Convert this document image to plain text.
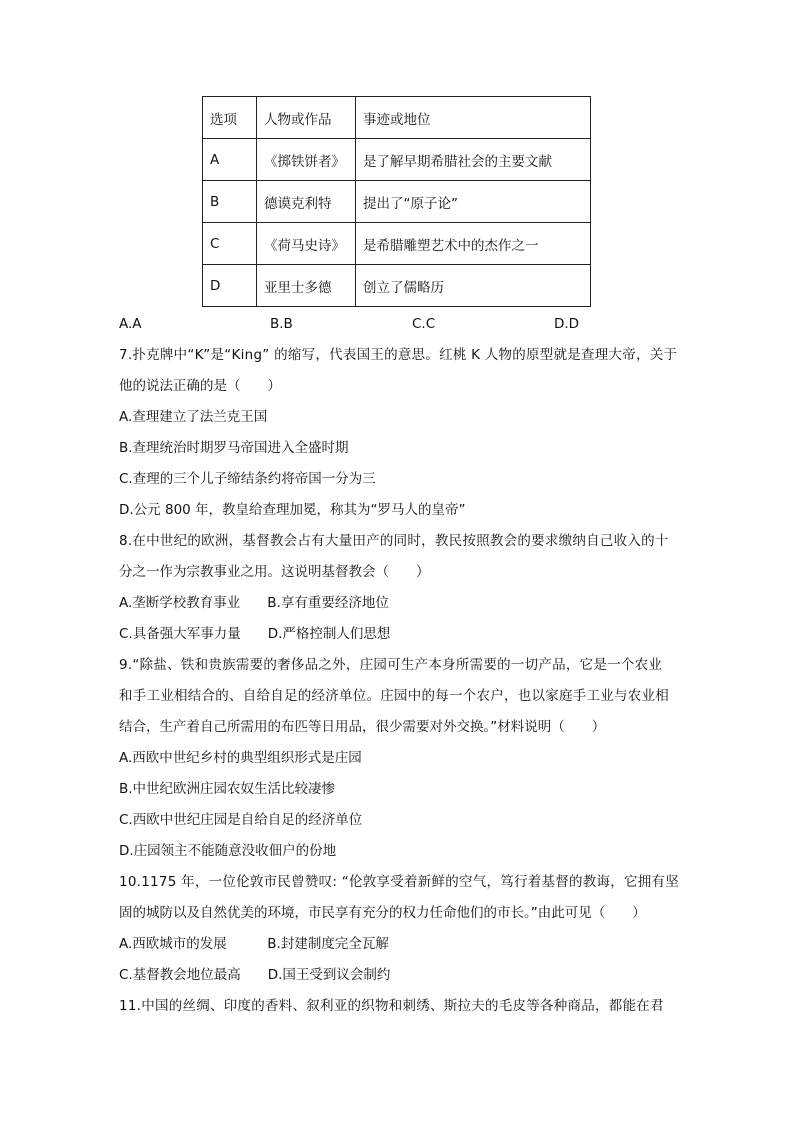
选项	人物或作品	事迹或地位
A	《掷铁饼者》	是了解早期希腊社会的主要文献
B	德谟克利特	提出了“原子论”
C	《荷马史诗》	是希腊雕塑艺术中的杰作之一
D	亚里士多德	创立了儒略历
A.A	B.B	C.C	D.D
7.扑克牌中“K”是“King” 的缩写，代表国王的意思。红桃 K 人物的原型就是查理大帝，关于
他的说法正确的是（　　）
A.查理建立了法兰克王国
B.查理统治时期罗马帝国进入全盛时期
C.查理的三个儿子缔结条约将帝国一分为三
D.公元 800 年，教皇给查理加冕，称其为“罗马人的皇帝”
8.在中世纪的欧洲，基督教会占有大量田产的同时，教民按照教会的要求缴纳自己收入的十
分之一作为宗教事业之用。这说明基督教会（　　）
A.垄断学校教育事业　　B.享有重要经济地位
C.具备强大军事力量　　D.严格控制人们思想
9.“除盐、铁和贵族需要的奢侈品之外，庄园可生产本身所需要的一切产品，它是一个农业
和手工业相结合的、自给自足的经济单位。庄园中的每一个农户，也以家庭手工业与农业相
结合，生产着自己所需用的布匹等日用品，很少需要对外交换。”材料说明（　　）
A.西欧中世纪乡村的典型组织形式是庄园
B.中世纪欧洲庄园农奴生活比较凄惨
C.西欧中世纪庄园是自给自足的经济单位
D.庄园领主不能随意没收佃户的份地
10.1175 年，一位伦敦市民曾赞叹: “伦敦享受着新鲜的空气，笃行着基督的教诲，它拥有坚
固的城防以及自然优美的环境，市民享有充分的权力任命他们的市长。”由此可见（　　）
A.西欧城市的发展　　　B.封建制度完全瓦解
C.基督教会地位最高　　D.国王受到议会制约
11.中国的丝绸、印度的香料、叙利亚的织物和刺绣、斯拉夫的毛皮等各种商品，都能在君
